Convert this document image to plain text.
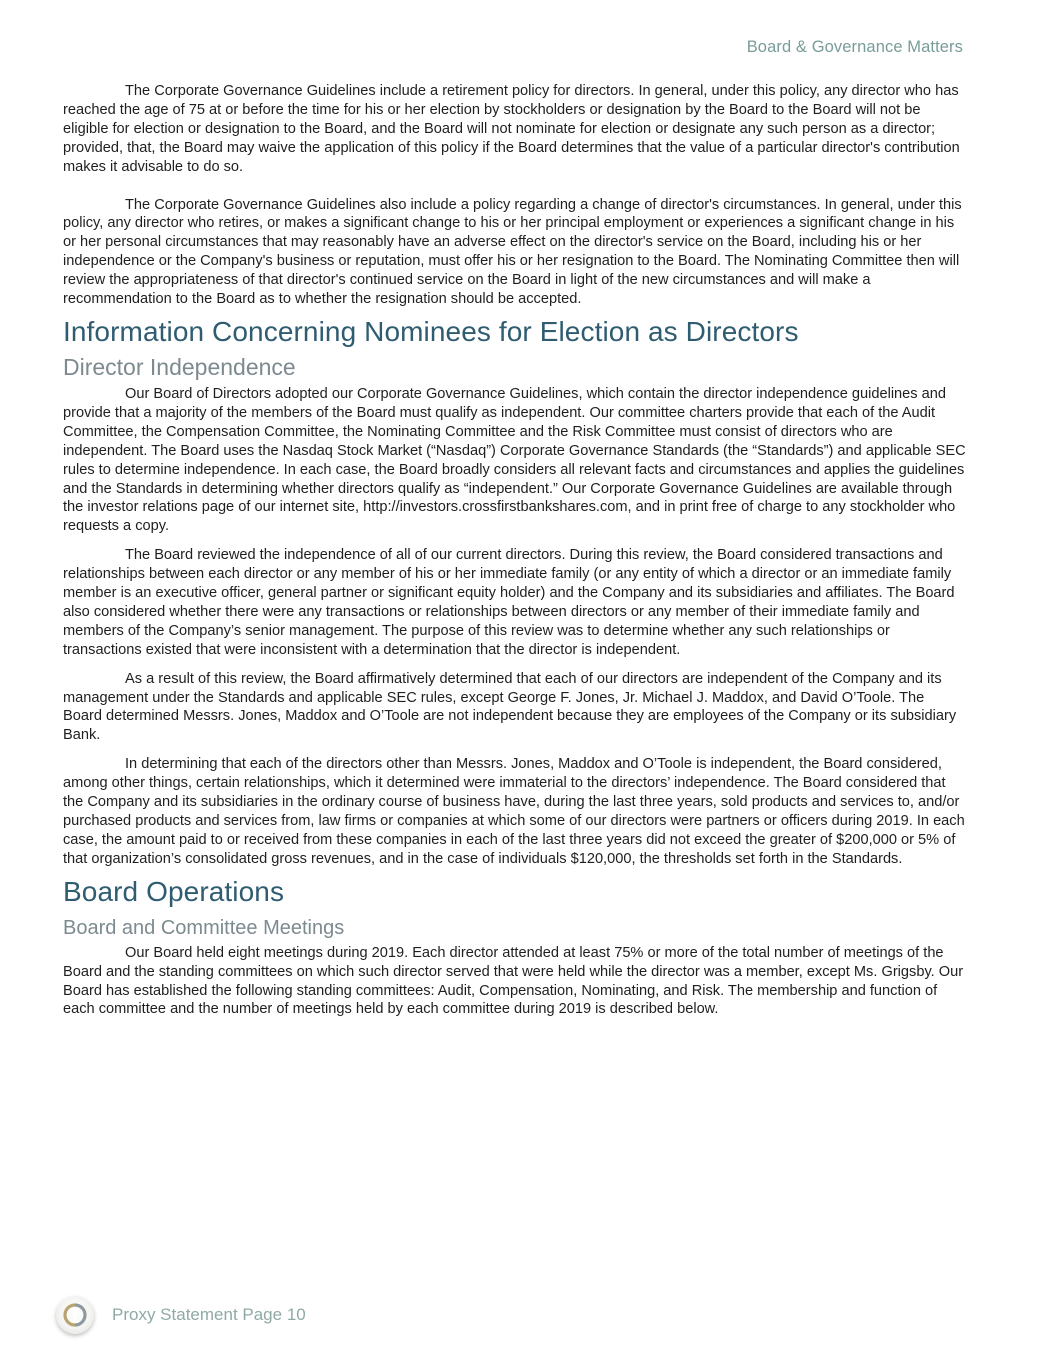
Board & Governance Matters

The Corporate Governance Guidelines include a retirement policy for directors. In general, under this policy, any director who has reached the age of 75 at or before the time for his or her election by stockholders or designation by the Board to the Board will not be eligible for election or designation to the Board, and the Board will not nominate for election or designate any such person as a director; provided, that, the Board may waive the application of this policy if the Board determines that the value of a particular director's contribution makes it advisable to do so.

The Corporate Governance Guidelines also include a policy regarding a change of director's circumstances. In general, under this policy, any director who retires, or makes a significant change to his or her principal employment or experiences a significant change in his or her personal circumstances that may reasonably have an adverse effect on the director's service on the Board, including his or her independence or the Company's business or reputation, must offer his or her resignation to the Board. The Nominating Committee then will review the appropriateness of that director's continued service on the Board in light of the new circumstances and will make a recommendation to the Board as to whether the resignation should be accepted.

Information Concerning Nominees for Election as Directors
Director Independence

Our Board of Directors adopted our Corporate Governance Guidelines, which contain the director independence guidelines and provide that a majority of the members of the Board must qualify as independent. Our committee charters provide that each of the Audit Committee, the Compensation Committee, the Nominating Committee and the Risk Committee must consist of directors who are independent. The Board uses the Nasdaq Stock Market (“Nasdaq”) Corporate Governance Standards (the “Standards”) and applicable SEC rules to determine independence. In each case, the Board broadly considers all relevant facts and circumstances and applies the guidelines and the Standards in determining whether directors qualify as “independent.” Our Corporate Governance Guidelines are available through the investor relations page of our internet site, http://investors.crossfirstbankshares.com, and in print free of charge to any stockholder who requests a copy.

The Board reviewed the independence of all of our current directors. During this review, the Board considered transactions and relationships between each director or any member of his or her immediate family (or any entity of which a director or an immediate family member is an executive officer, general partner or significant equity holder) and the Company and its subsidiaries and affiliates. The Board also considered whether there were any transactions or relationships between directors or any member of their immediate family and members of the Company’s senior management. The purpose of this review was to determine whether any such relationships or transactions existed that were inconsistent with a determination that the director is independent.

As a result of this review, the Board affirmatively determined that each of our directors are independent of the Company and its management under the Standards and applicable SEC rules, except George F. Jones, Jr. Michael J. Maddox, and David O’Toole. The Board determined Messrs. Jones, Maddox and O’Toole are not independent because they are employees of the Company or its subsidiary Bank.

In determining that each of the directors other than Messrs. Jones, Maddox and O’Toole is independent, the Board considered, among other things, certain relationships, which it determined were immaterial to the directors’ independence. The Board considered that the Company and its subsidiaries in the ordinary course of business have, during the last three years, sold products and services to, and/or purchased products and services from, law firms or companies at which some of our directors were partners or officers during 2019. In each case, the amount paid to or received from these companies in each of the last three years did not exceed the greater of $200,000 or 5% of that organization’s consolidated gross revenues, and in the case of individuals $120,000, the thresholds set forth in the Standards.

Board Operations
Board and Committee Meetings

Our Board held eight meetings during 2019. Each director attended at least 75% or more of the total number of meetings of the Board and the standing committees on which such director served that were held while the director was a member, except Ms. Grigsby. Our Board has established the following standing committees: Audit, Compensation, Nominating, and Risk. The membership and function of each committee and the number of meetings held by each committee during 2019 is described below.

Proxy Statement Page 10
